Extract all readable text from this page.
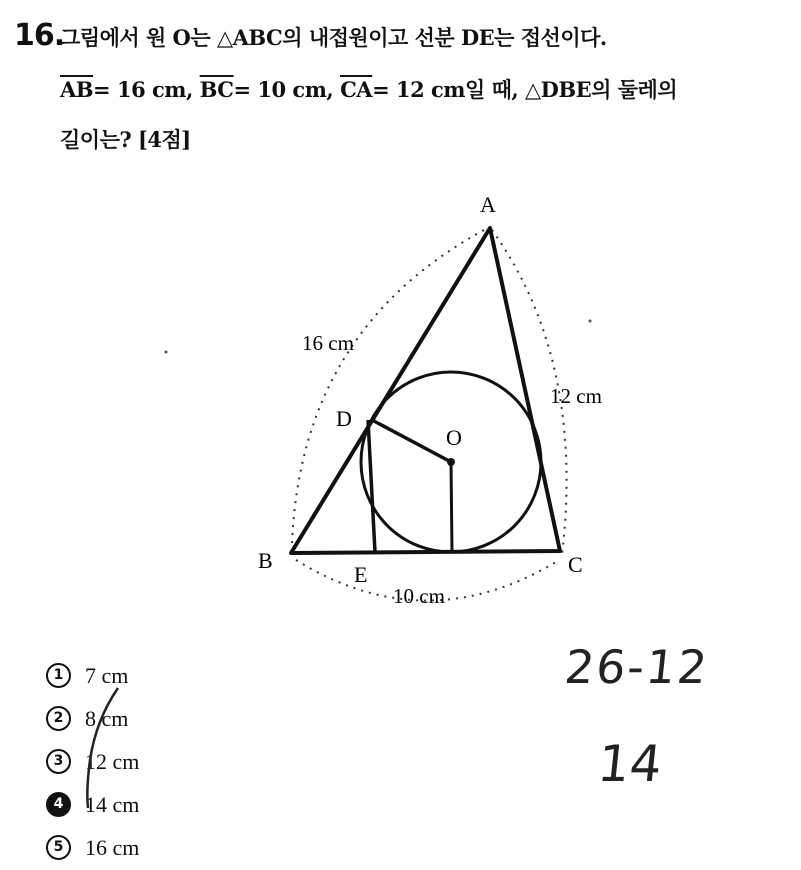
16.
그림에서 원 O는 △ABC의 내접원이고 선분 DE는 접선이다.
$\overline{AB}= 16$ cm, $\overline{BC}= 10$ cm, $\overline{CA}= 12$ cm일 때, △DBE의 둘레의
길이는? [4점]
A
B	C
D
E
O
16 cm
12 cm
10 cm
1 7 cm
2 8 cm
3 12 cm
4 14 cm
5 16 cm
26-12
14
